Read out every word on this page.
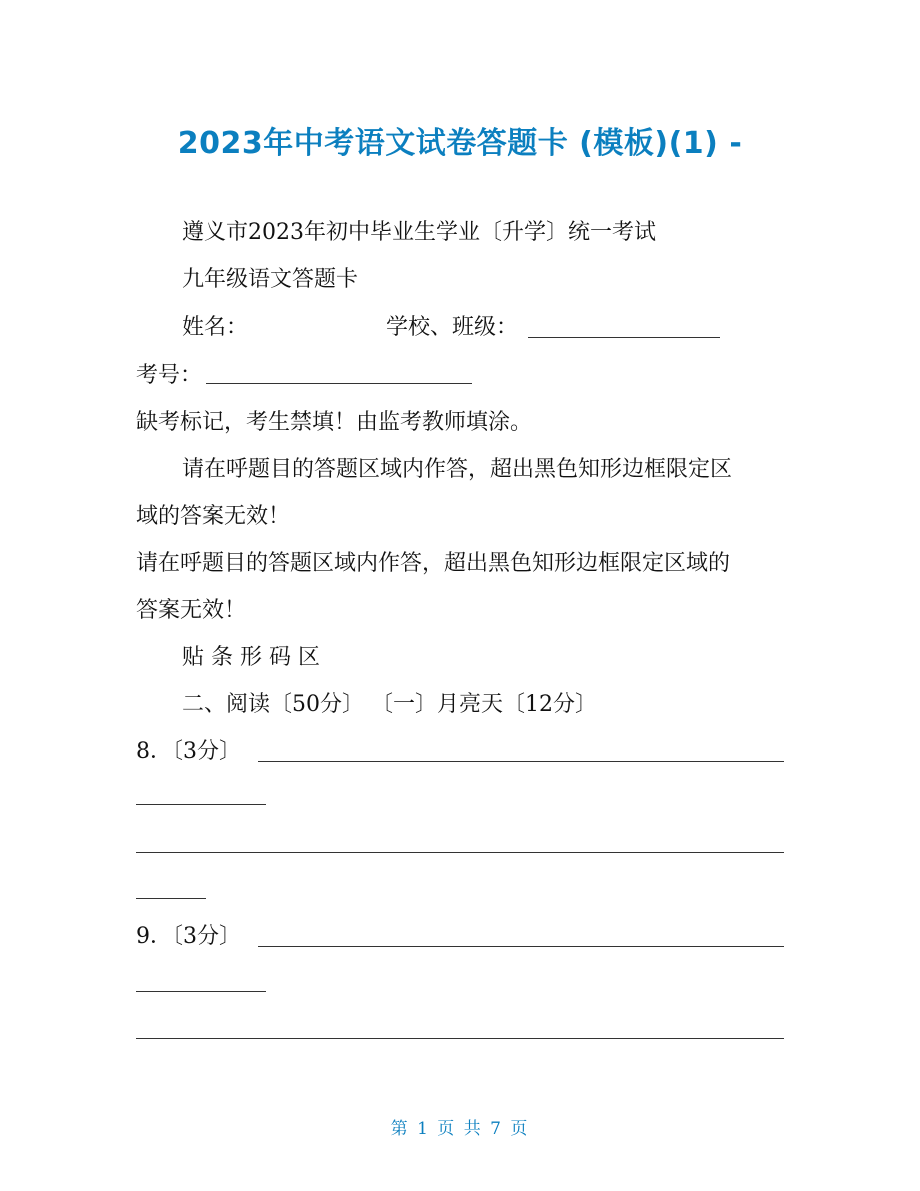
2023年中考语文试卷答题卡 (模板)(1) -
遵义市2023年初中毕业生学业〔升学〕统一考试
九年级语文答题卡
姓名：	学校、班级：
考号：
缺考标记，考生禁填！由监考教师填涂。
请在呼题目的答题区域内作答，超出黑色知形边框限定区
域的答案无效！
请在呼题目的答题区域内作答，超出黑色知形边框限定区域的
答案无效！
贴 条 形 码 区
二、阅读〔50分〕 〔一〕月亮天〔12分〕
8．〔3分〕
9．〔3分〕
第 1 页 共 7 页
